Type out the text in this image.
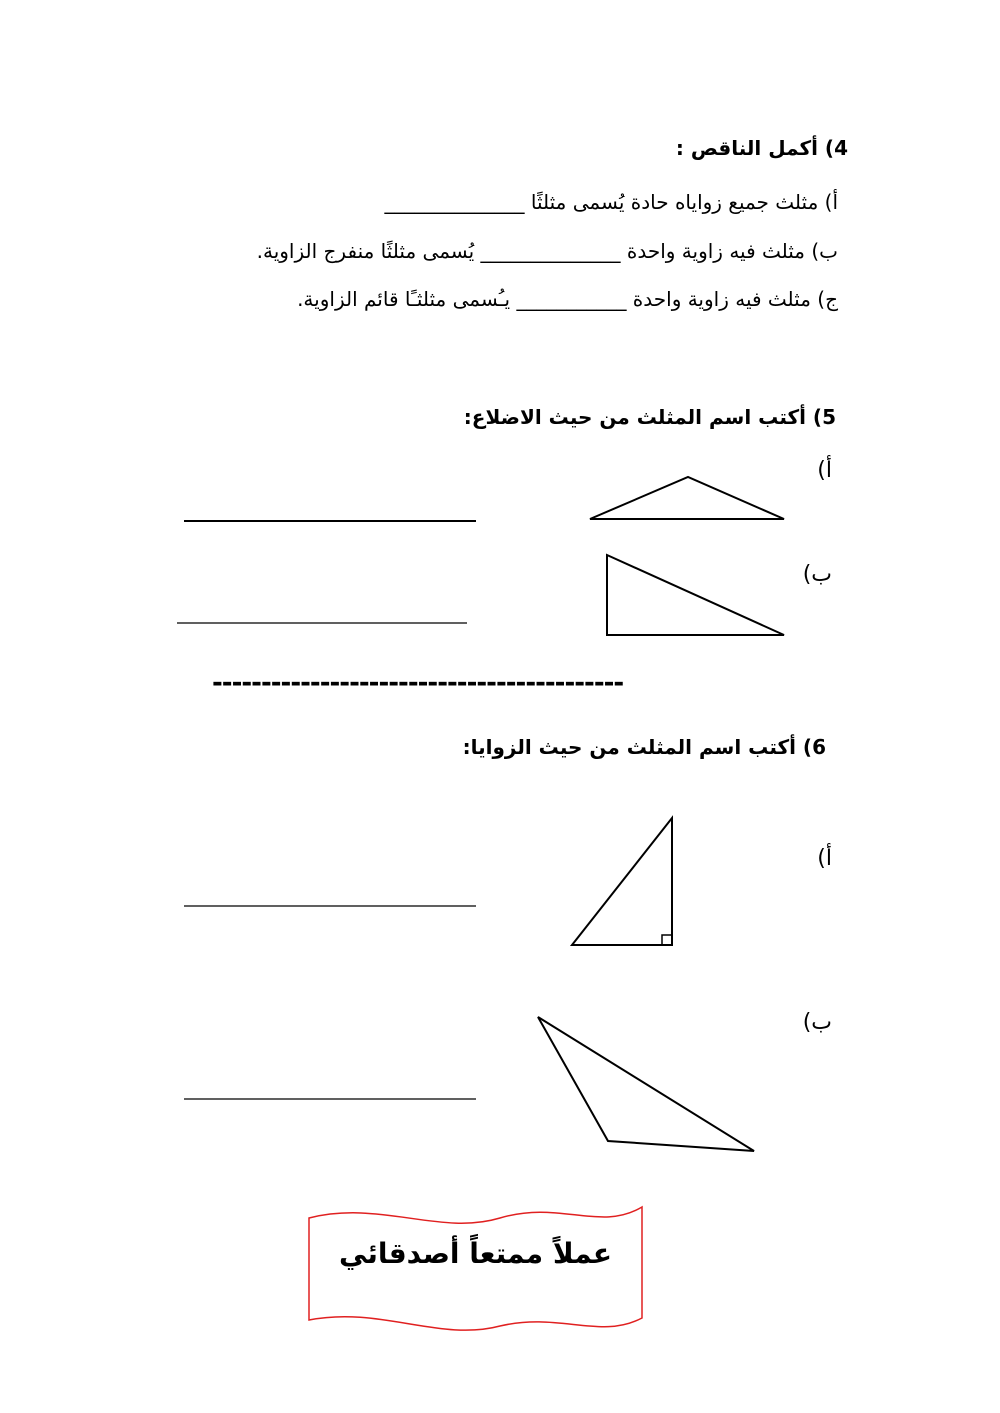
4) أكمل الناقص :
أ) مثلث جميع زواياه حادة يُسمى مثلثًا ______________
ب) مثلث فيه زاوية واحدة ______________ يُسمى مثلثًا منفرج الزاوية.
ج) مثلث فيه زاوية واحدة ___________ يـُسمى مثلثـًا قائم الزاوية.
5) أكتب اسم المثلث من حيث الاضلاع:
أ)
ب)
------------------------------------------
6) أكتب اسم المثلث من حيث الزوايا:
أ)
ب)
عملاً ممتعاً أصدقائي
